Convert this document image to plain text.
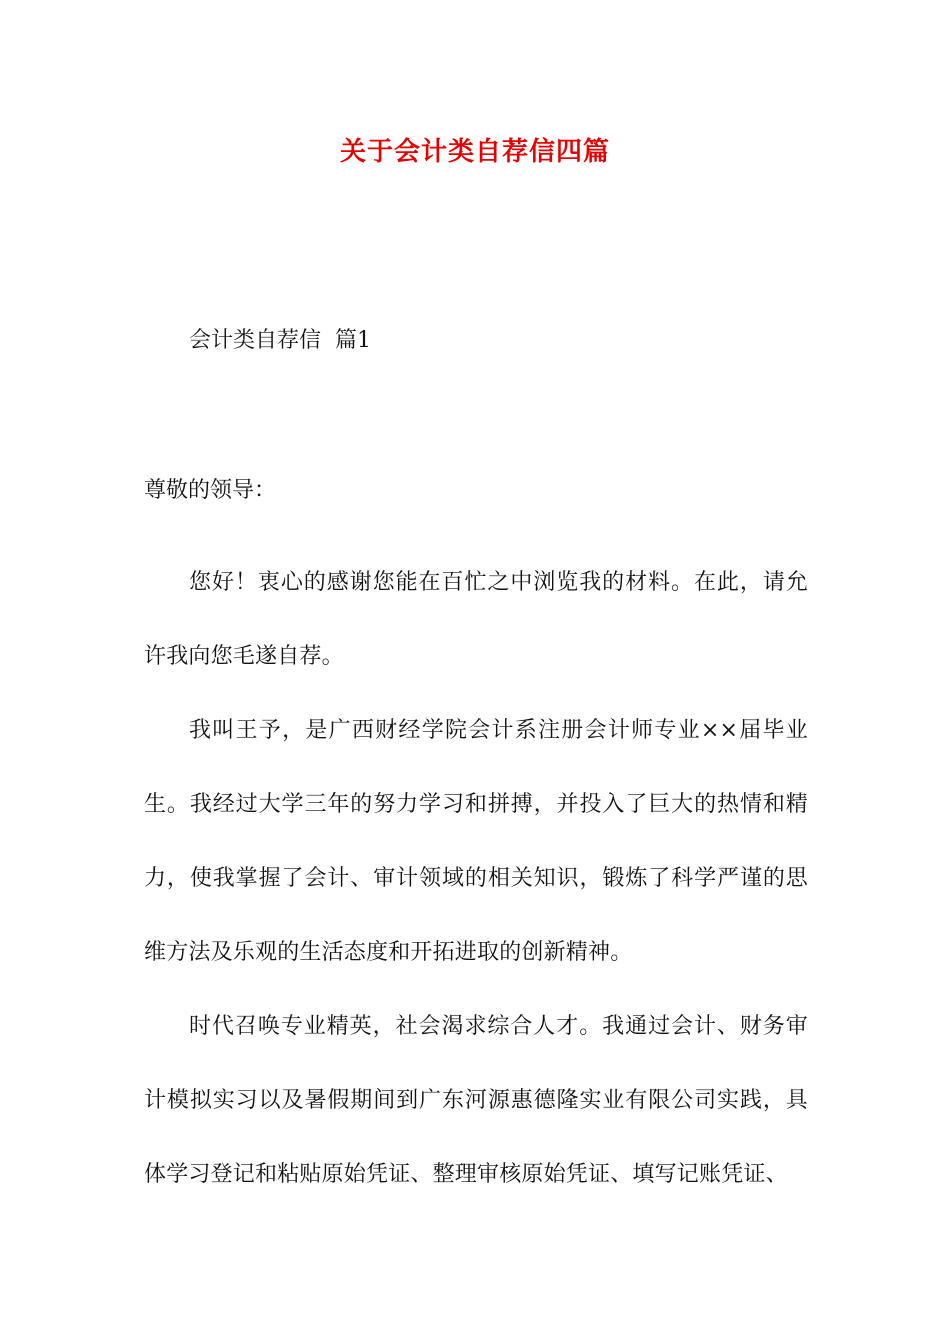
关于会计类自荐信四篇
会计类自荐信  篇1
尊敬的领导：

您好！衷心的感谢您能在百忙之中浏览我的材料。在此，请允许我向您毛遂自荐。

我叫王予，是广西财经学院会计系注册会计师专业××届毕业生。我经过大学三年的努力学习和拼搏，并投入了巨大的热情和精力，使我掌握了会计、审计领域的相关知识，锻炼了科学严谨的思维方法及乐观的生活态度和开拓进取的创新精神。

时代召唤专业精英，社会渴求综合人才。我通过会计、财务审计模拟实习以及暑假期间到广东河源惠德隆实业有限公司实践，具体学习登记和粘贴原始凭证、整理审核原始凭证、填写记账凭证、
